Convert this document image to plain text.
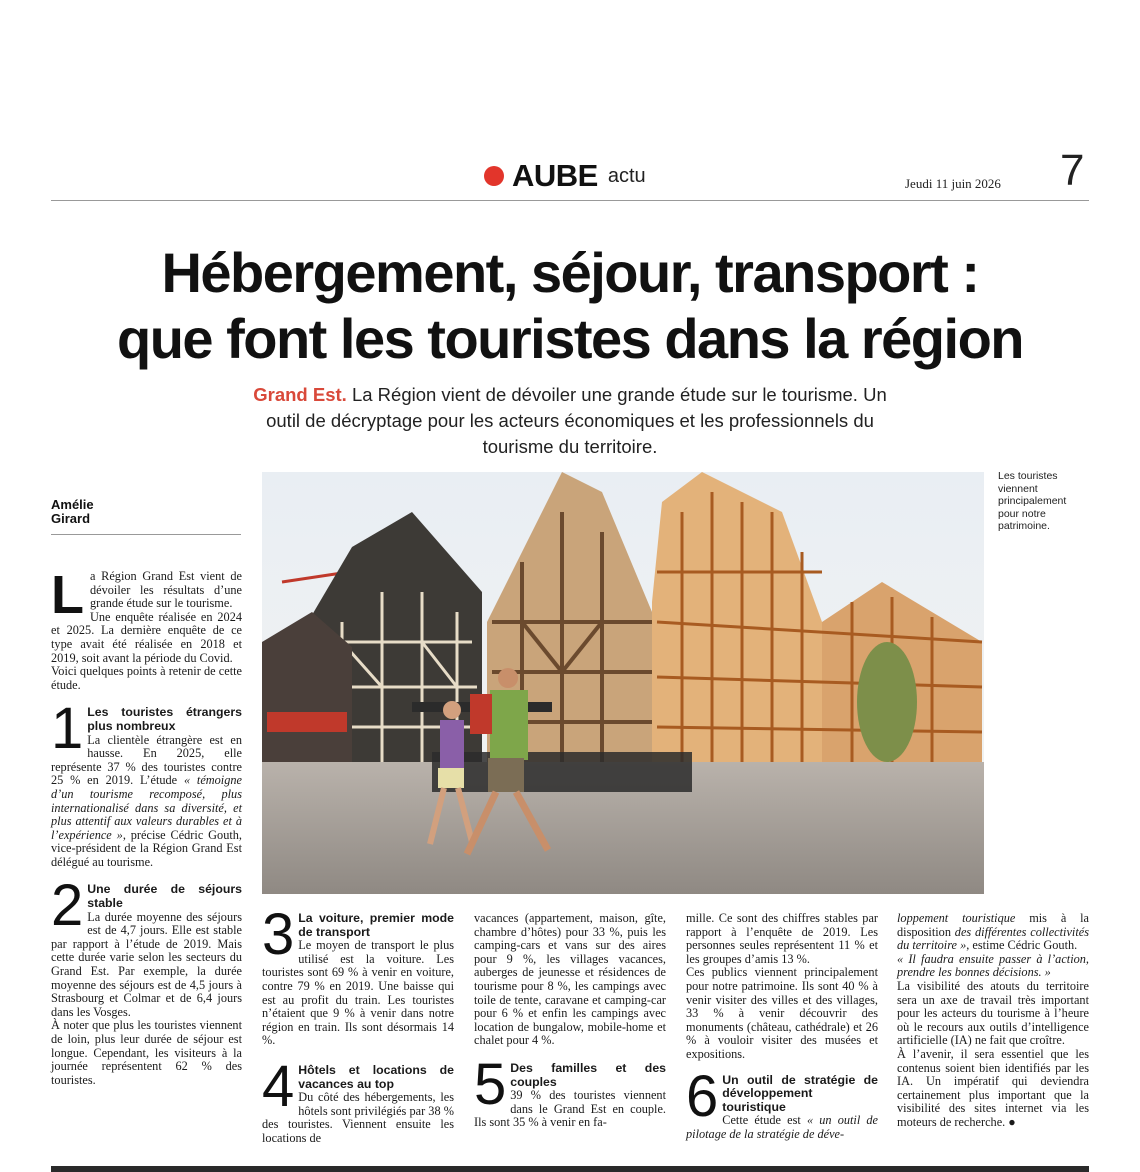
AUBE actu	Jeudi 11 juin 2026 7
Hébergement, séjour, transport :
que font les touristes dans la région
Grand Est. La Région vient de dévoiler une grande étude sur le tourisme. Un outil de décryptage pour les acteurs économiques et les professionnels du tourisme du territoire.
Amélie
Girard
Les touristes viennent principalement pour notre patrimoine.

La Région Grand Est vient de dévoiler les résultats d’une grande étude sur le tourisme.

Une enquête réalisée en 2024 et 2025. La dernière enquête de ce type avait été réalisée en 2018 et 2019, soit avant la période du Covid.

Voici quelques points à retenir de cette étude.

1 Les touristes étrangers plus nombreux

La clientèle étrangère est en hausse. En 2025, elle représente 37 % des touristes contre 25 % en 2019. L’étude « témoigne d’un tourisme recomposé, plus internationalisé dans sa diversité, et plus attentif aux valeurs durables et à l’expérience », précise Cédric Gouth, vice-président de la Région Grand Est délégué au tourisme.

2 Une durée de séjours stable

La durée moyenne des séjours est de 4,7 jours. Elle est stable par rapport à l’étude de 2019. Mais cette durée varie selon les secteurs du Grand Est. Par exemple, la durée moyenne des séjours est de 4,5 jours à Strasbourg et Colmar et de 6,4 jours dans les Vosges.

À noter que plus les touristes viennent de loin, plus leur durée de séjour est longue. Cependant, les visiteurs à la journée représentent 62 % des touristes.

3 La voiture, premier mode de transport

Le moyen de transport le plus utilisé est la voiture. Les touristes sont 69 % à venir en voiture, contre 79 % en 2019. Une baisse qui est au profit du train. Les touristes n’étaient que 9 % à venir dans notre région en train. Ils sont désormais 14 %.

4 Hôtels et locations de vacances au top

Du côté des hébergements, les hôtels sont privilégiés par 38 % des touristes. Viennent ensuite les locations de

vacances (appartement, maison, gîte, chambre d’hôtes) pour 33 %, puis les camping-cars et vans sur des aires pour 9 %, les villages vacances, auberges de jeunesse et résidences de tourisme pour 8 %, les campings avec toile de tente, caravane et camping-car pour 6 % et enfin les campings avec location de bungalow, mobile-home et chalet pour 4 %.

5 Des familles et des couples

39 % des touristes viennent dans le Grand Est en couple. Ils sont 35 % à venir en fa-

mille. Ce sont des chiffres stables par rapport à l’enquête de 2019. Les personnes seules représentent 11 % et les groupes d’amis 13 %.

Ces publics viennent principalement pour notre patrimoine. Ils sont 40 % à venir visiter des villes et des villages, 33 % à venir découvrir des monuments (château, cathédrale) et 26 % à vouloir visiter des musées et expositions.

6 Un outil de stratégie de développement touristique

Cette étude est « un outil de pilotage de la stratégie de déve-

loppement touristique mis à la disposition des différentes collectivités du territoire », estime Cédric Gouth.

« Il faudra ensuite passer à l’action, prendre les bonnes décisions. »

La visibilité des atouts du territoire sera un axe de travail très important pour les acteurs du tourisme à l’heure où le recours aux outils d’intelligence artificielle (IA) ne fait que croître.

À l’avenir, il sera essentiel que les contenus soient bien identifiés par les IA. Un impératif qui deviendra certainement plus important que la visibilité des sites internet via les moteurs de recherche. ●
